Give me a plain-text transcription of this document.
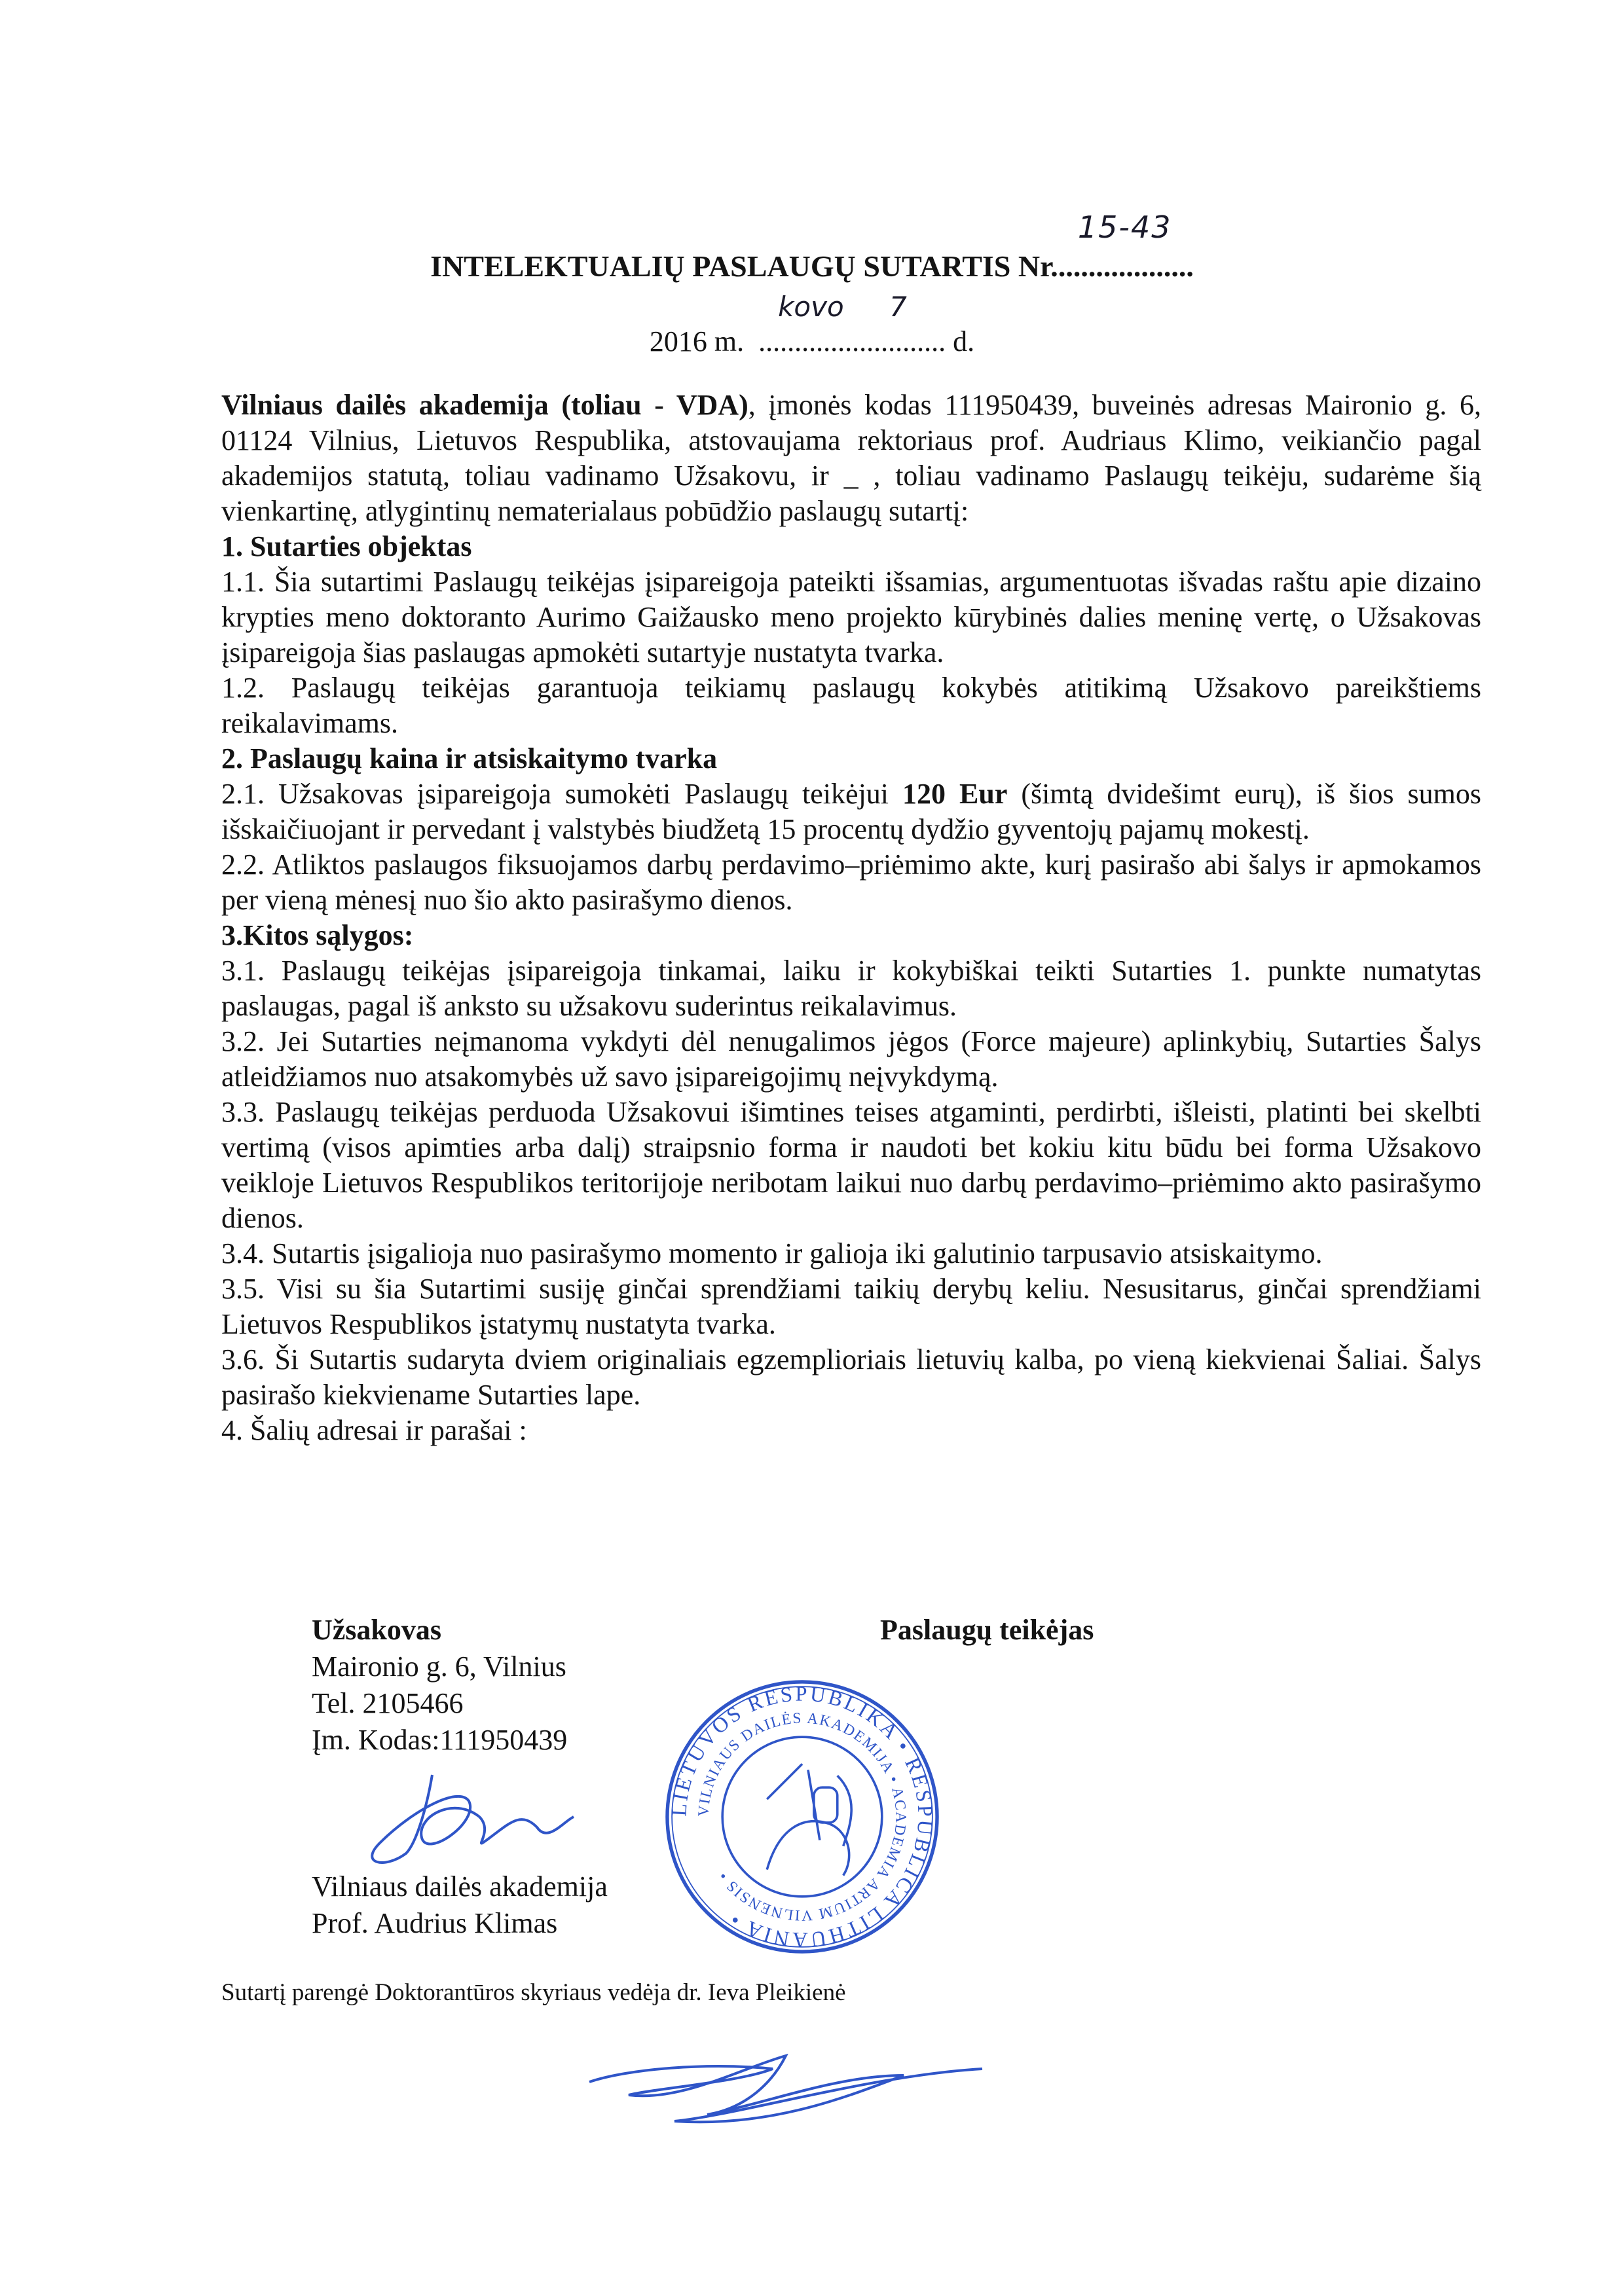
INTELEKTUALIŲ PASLAUGŲ SUTARTIS Nr...................
15-43
2016 m. ..........................
kovo 7
d.

Vilniaus dailės akademija (toliau - VDA), įmonės kodas 111950439, buveinės adresas Maironio g. 6, 01124 Vilnius, Lietuvos Respublika, atstovaujama rektoriaus prof. Audriaus Klimo, veikiančio pagal akademijos statutą, toliau vadinamo Užsakovu, ir _ , toliau vadinamo Paslaugų teikėju, sudarėme šią vienkartinę, atlygintinų nematerialaus pobūdžio paslaugų sutartį:

1. Sutarties objektas

1.1. Šia sutartimi Paslaugų teikėjas įsipareigoja pateikti išsamias, argumentuotas išvadas raštu apie dizaino krypties meno doktoranto Aurimo Gaižausko meno projekto kūrybinės dalies meninę vertę, o Užsakovas įsipareigoja šias paslaugas apmokėti sutartyje nustatyta tvarka.

1.2. Paslaugų teikėjas garantuoja teikiamų paslaugų kokybės atitikimą Užsakovo pareikštiems reikalavimams.

2. Paslaugų kaina ir atsiskaitymo tvarka

2.1. Užsakovas įsipareigoja sumokėti Paslaugų teikėjui 120 Eur (šimtą dvidešimt eurų), iš šios sumos išskaičiuojant ir pervedant į valstybės biudžetą 15 procentų dydžio gyventojų pajamų mokestį.

2.2. Atliktos paslaugos fiksuojamos darbų perdavimo–priėmimo akte, kurį pasirašo abi šalys ir apmokamos per vieną mėnesį nuo šio akto pasirašymo dienos.

3.Kitos sąlygos:

3.1. Paslaugų teikėjas įsipareigoja tinkamai, laiku ir kokybiškai teikti Sutarties 1. punkte numatytas paslaugas, pagal iš anksto su užsakovu suderintus reikalavimus.

3.2. Jei Sutarties neįmanoma vykdyti dėl nenugalimos jėgos (Force majeure) aplinkybių, Sutarties Šalys atleidžiamos nuo atsakomybės už savo įsipareigojimų neįvykdymą.

3.3. Paslaugų teikėjas perduoda Užsakovui išimtines teises atgaminti, perdirbti, išleisti, platinti bei skelbti vertimą (visos apimties arba dalį) straipsnio forma ir naudoti bet kokiu kitu būdu bei forma Užsakovo veikloje Lietuvos Respublikos teritorijoje neribotam laikui nuo darbų perdavimo–priėmimo akto pasirašymo dienos.

3.4. Sutartis įsigalioja nuo pasirašymo momento ir galioja iki galutinio tarpusavio atsiskaitymo.

3.5. Visi su šia Sutartimi susiję ginčai sprendžiami taikių derybų keliu. Nesusitarus, ginčai sprendžiami Lietuvos Respublikos įstatymų nustatyta tvarka.

3.6. Ši Sutartis sudaryta dviem originaliais egzemplioriais lietuvių kalba, po vieną kiekvienai Šaliai. Šalys pasirašo kiekviename Sutarties lape.

4. Šalių adresai ir parašai :

Užsakovas
Maironio g. 6, Vilnius
Tel. 2105466
Įm. Kodas:111950439
Vilniaus dailės akademija
Prof. Audrius Klimas
Paslaugų teikėjas
LIETUVOS RESPUBLIKA • RESPUBLICA LITHUANIA •
VILNIAUS DAILĖS AKADEMIJA • ACADEMIA ARTIUM VILNENSIS •
Sutartį parengė Doktorantūros skyriaus vedėja dr. Ieva Pleikienė
